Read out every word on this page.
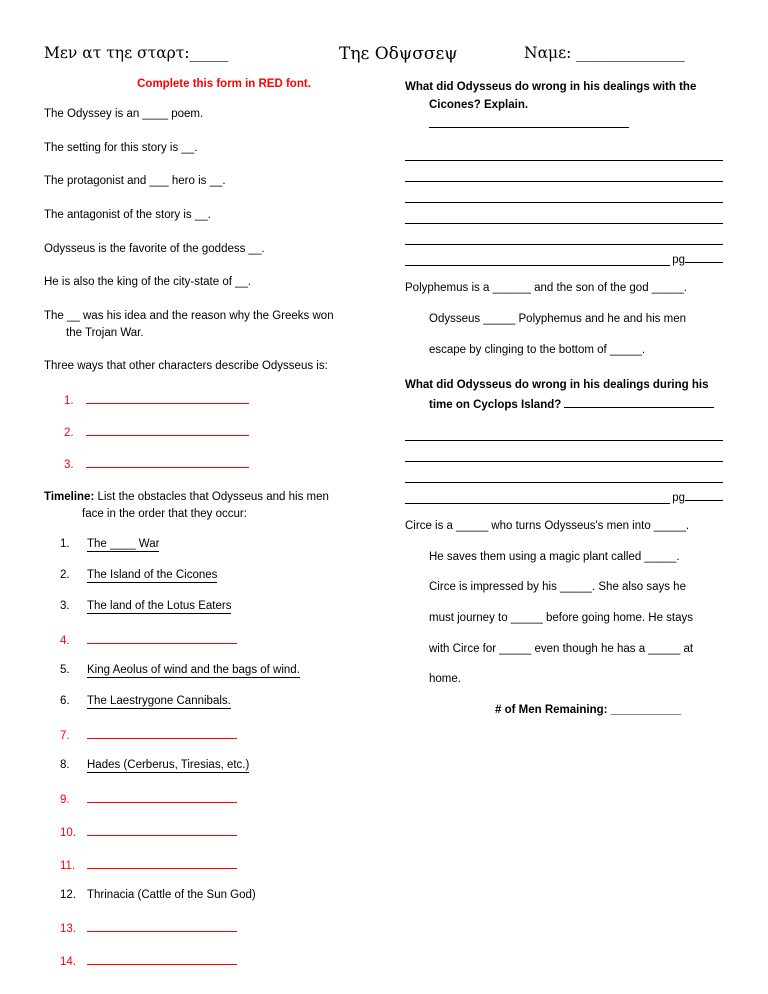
Μεν ατ τηε σταρτ:_____	Τηε Οδψσσεψ	Ναμε: ______________
Complete this form in RED font.

The Odyssey is an ____ poem.

The setting for this story is __.

The protagonist and ___ hero is __.

The antagonist of the story is __.

Odysseus is the favorite of the goddess __.

He is also the king of the city-state of __.

The __ was his idea and the reason why the Greeks won
the Trojan War.

Three ways that other characters describe Odysseus is:

1.
2.
3.

Timeline: List the obstacles that Odysseus and his men
face in the order that they occur:

1.	The ____ War
2.	The Island of the Cicones
3.	The land of the Lotus Eaters
4.
5.	King Aeolus of wind and the bags of wind.
6.	The Laestrygone Cannibals.
7.
8.	Hades (Cerberus, Tiresias, etc.)
9.
10.
11.
12. Thrinacia (Cattle of the Sun God)
13.
14.
What did Odysseus do wrong in his dealings with the
Cicones? Explain.
pg

Polyphemus is a ______ and the son of the god _____.

Odysseus _____ Polyphemus and he and his men

escape by clinging to the bottom of _____.

What did Odysseus do wrong in his dealings during his
time on Cyclops Island?
pg

Circe is a _____ who turns Odysseus's men into _____.

He saves them using a magic plant called _____.

Circe is impressed by his _____. She also says he

must journey to _____ before going home. He stays

with Circe for _____ even though he has a _____ at

home.

# of Men Remaining: ___________
